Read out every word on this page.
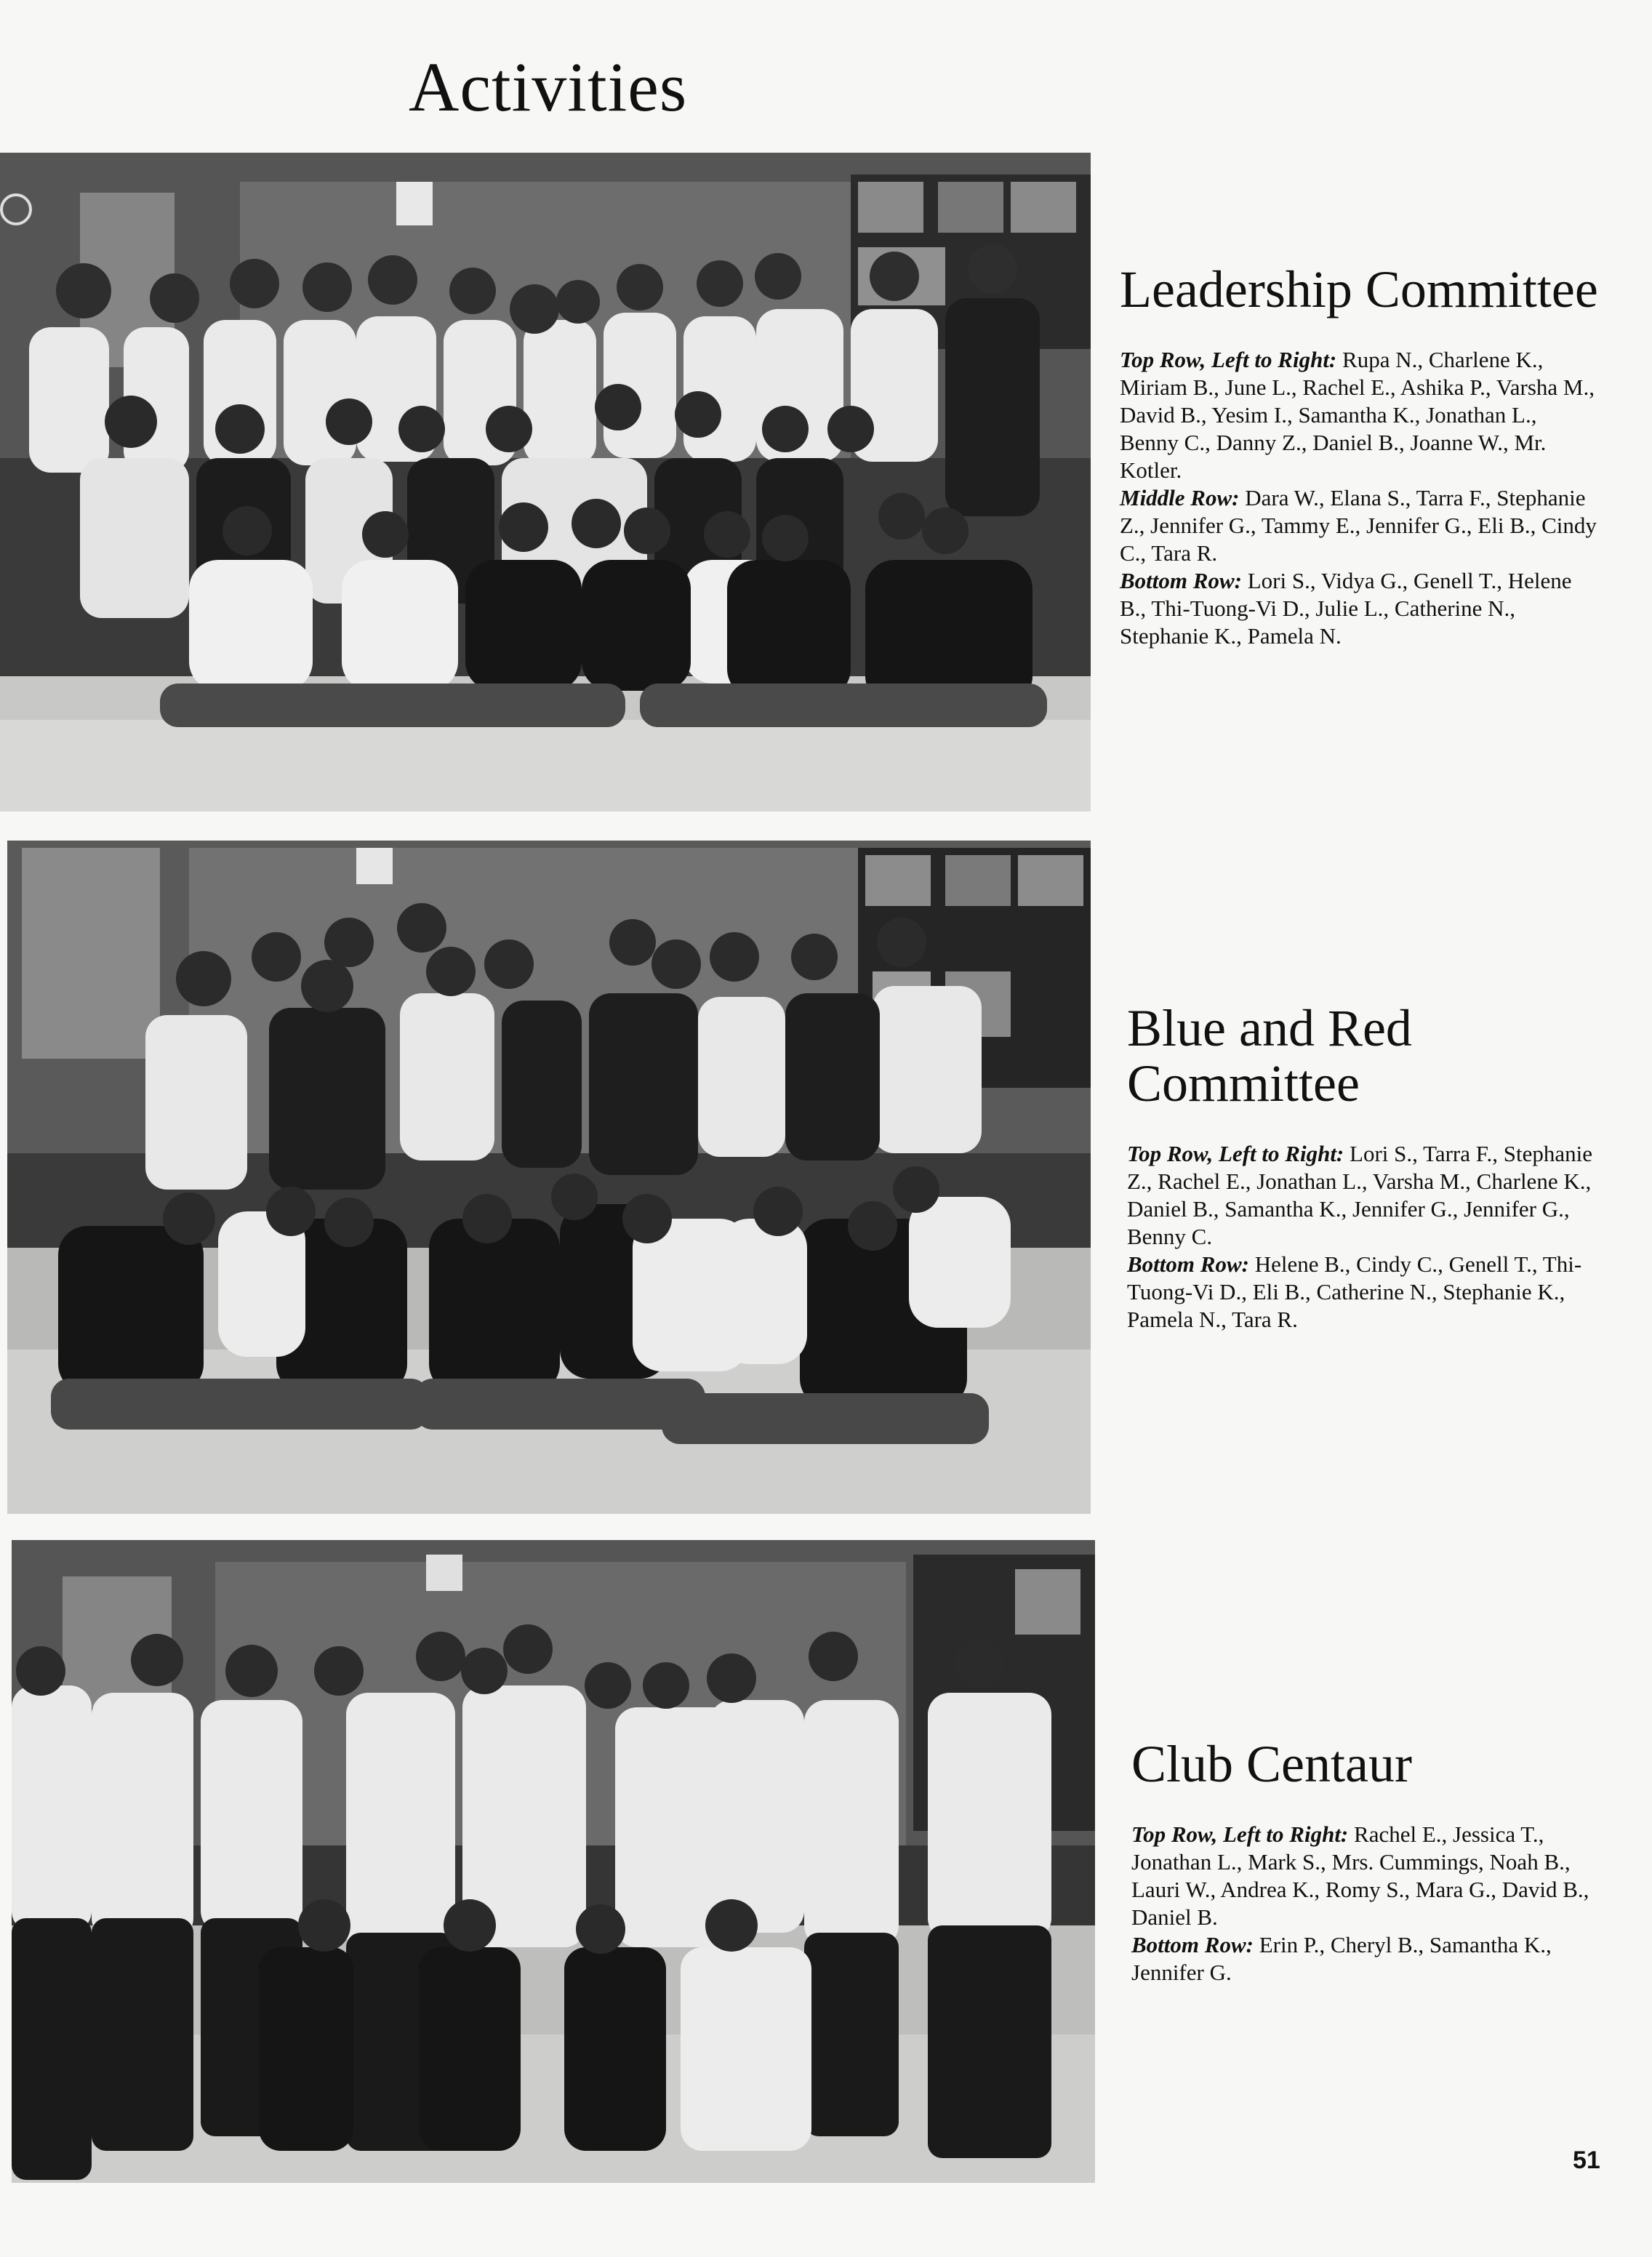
Activities
Leadership Committee

Top Row, Left to Right: Rupa N., Charlene K., Miriam B., June L., Rachel E., Ashika P., Varsha M., David B., Yesim I., Samantha K., Jonathan L., Benny C., Danny Z., Daniel B., Joanne W., Mr. Kotler.
Middle Row: Dara W., Elana S., Tarra F., Stephanie Z., Jennifer G., Tammy E., Jennifer G., Eli B., Cindy C., Tara R.
Bottom Row: Lori S., Vidya G., Genell T., Helene B., Thi-Tuong-Vi D., Julie L., Catherine N., Stephanie K., Pamela N.

Blue and Red Committee

Top Row, Left to Right: Lori S., Tarra F., Stephanie Z., Rachel E., Jonathan L., Varsha M., Charlene K., Daniel B., Samantha K., Jennifer G., Jennifer G., Benny C.
Bottom Row: Helene B., Cindy C., Genell T., Thi-Tuong-Vi D., Eli B., Catherine N., Stephanie K., Pamela N., Tara R.

Club Centaur

Top Row, Left to Right: Rachel E., Jessica T., Jonathan L., Mark S., Mrs. Cummings, Noah B., Lauri W., Andrea K., Romy S., Mara G., David B., Daniel B.
Bottom Row: Erin P., Cheryl B., Samantha K., Jennifer G.

51
